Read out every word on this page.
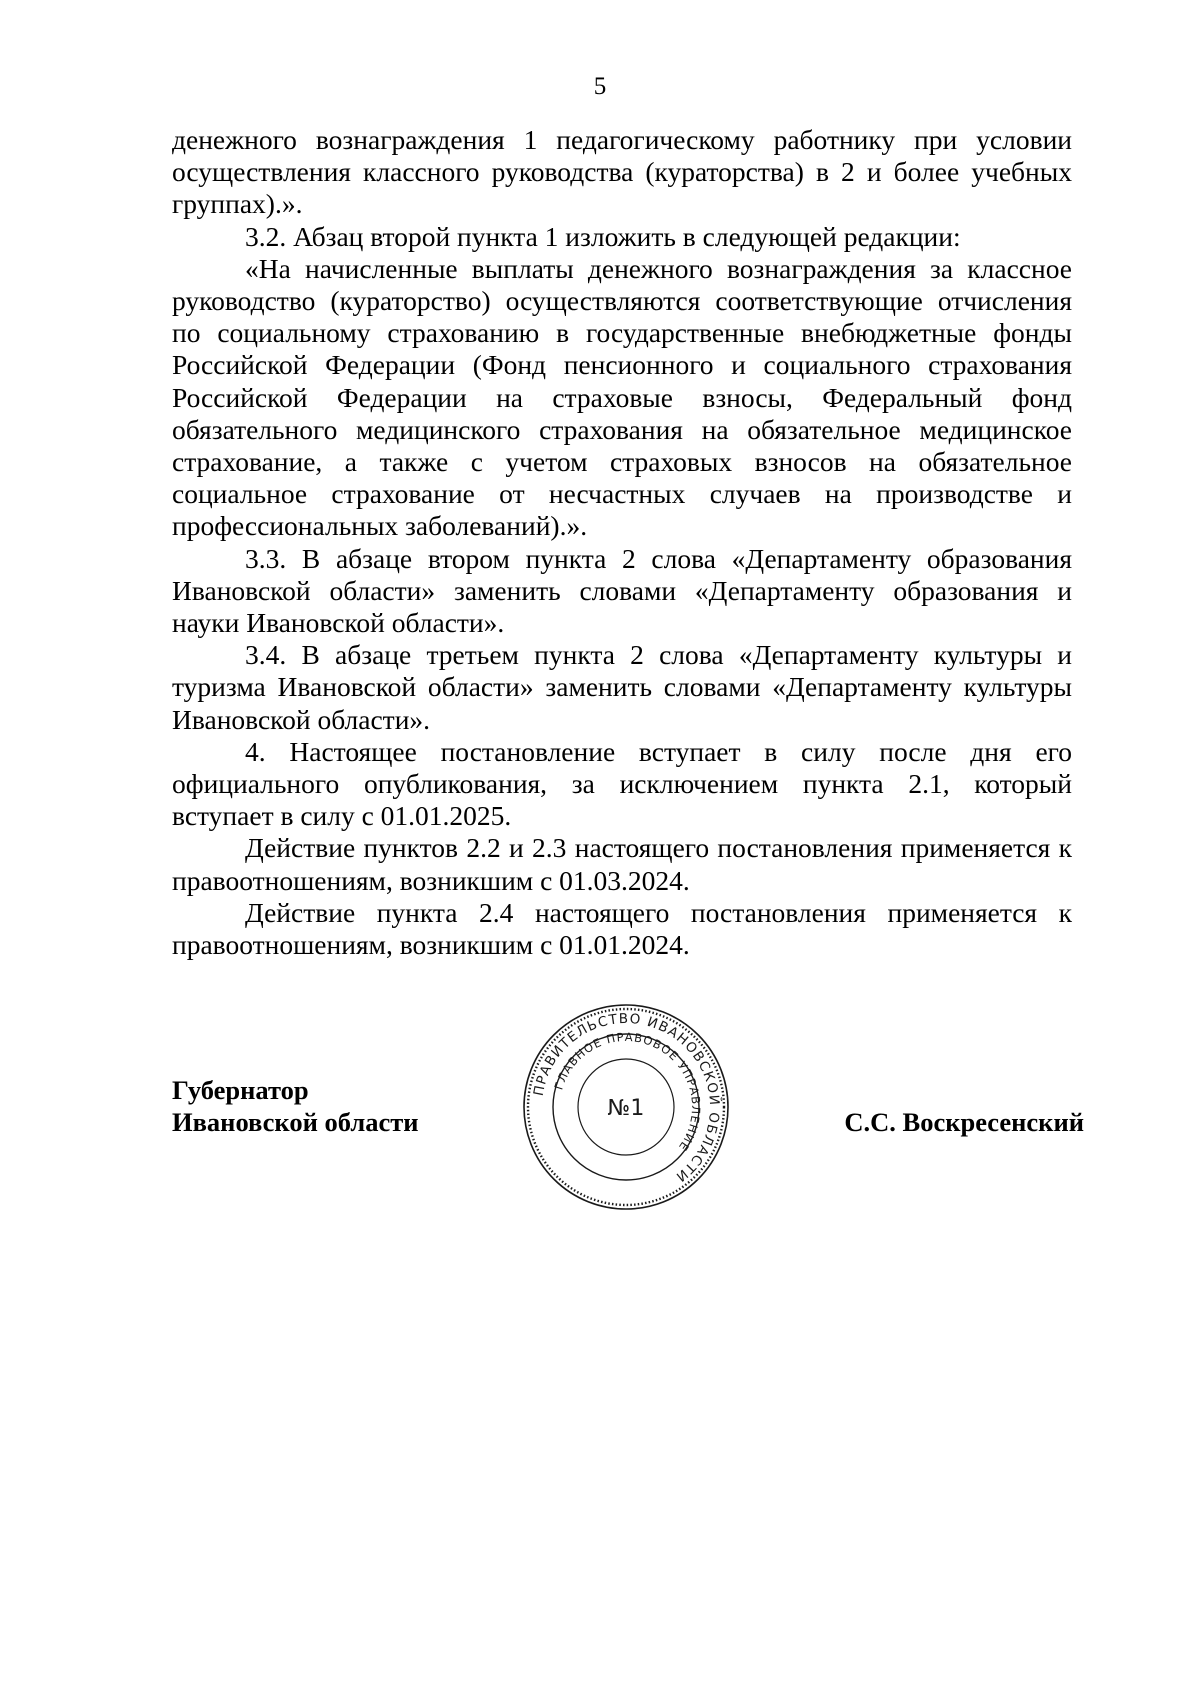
5

денежного вознаграждения 1 педагогическому работнику при условии осуществления классного руководства (кураторства) в 2 и более учебных группах).».

3.2. Абзац второй пункта 1 изложить в следующей редакции:

«На начисленные выплаты денежного вознаграждения за классное руководство (кураторство) осуществляются соответствующие отчисления по социальному страхованию в государственные внебюджетные фонды Российской Федерации (Фонд пенсионного и социального страхования Российской Федерации на страховые взносы, Федеральный фонд обязательного медицинского страхования на обязательное медицинское страхование, а также с учетом страховых взносов на обязательное социальное страхование от несчастных случаев на производстве и профессиональных заболеваний).».

3.3. В абзаце втором пункта 2 слова «Департаменту образования Ивановской области» заменить словами «Департаменту образования и науки Ивановской области».

3.4. В абзаце третьем пункта 2 слова «Департаменту культуры и туризма Ивановской области» заменить словами «Департаменту культуры Ивановской области».

4. Настоящее постановление вступает в силу после дня его официального опубликования, за исключением пункта 2.1, который вступает в силу с 01.01.2025.

Действие пунктов 2.2 и 2.3 настоящего постановления применяется к правоотношениям, возникшим с 01.03.2024.

Действие пункта 2.4 настоящего постановления применяется к правоотношениям, возникшим с 01.01.2024.

Губернатор
Ивановской области
ПРАВИТЕЛЬСТВО ИВАНОВСКОЙ ОБЛАСТИ
ГЛАВНОЕ ПРАВОВОЕ УПРАВЛЕНИЕ
№1	С.С. Воскресенский
